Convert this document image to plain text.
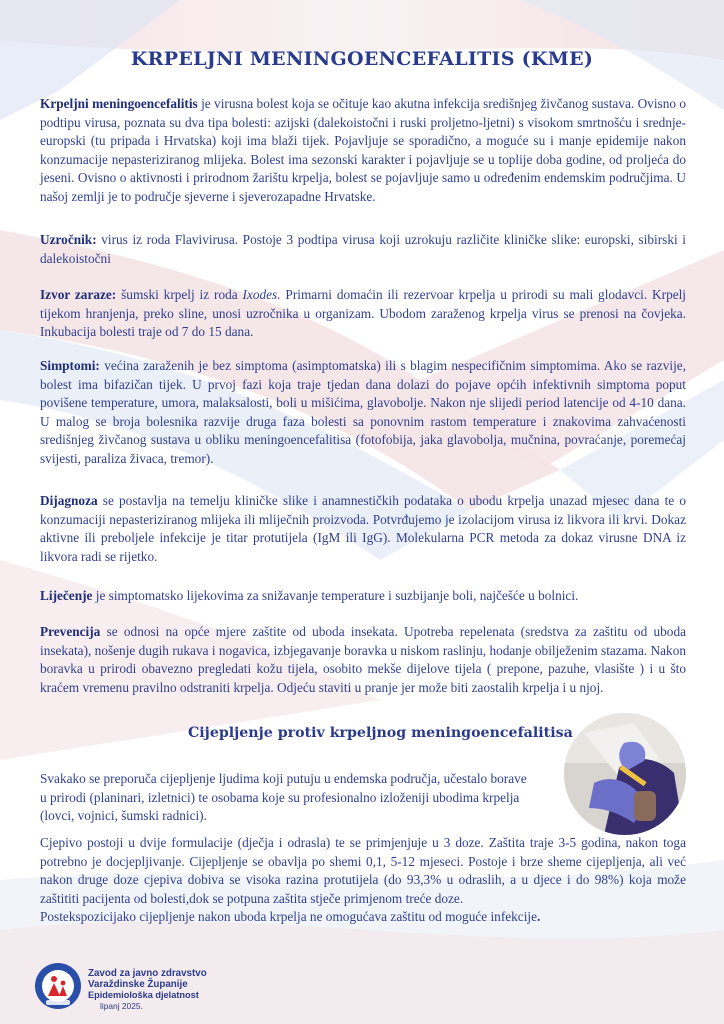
KRPELJNI MENINGOENCEFALITIS (KME)
Krpeljni meningoencefalitis je virusna bolest koja se očituje kao akutna infekcija središnjeg živčanog sustava. Ovisno o podtipu virusa, poznata su dva tipa bolesti: azijski (dalekoistočni i ruski proljetno-ljetni) s visokom smrtnošću i srednje-europski (tu pripada i Hrvatska) koji ima blaži tijek. Pojavljuje se sporadično, a moguće su i manje epidemije nakon konzumacije nepasteriziranog mlijeka. Bolest ima sezonski karakter i pojavljuje se u toplije doba godine, od proljeća do jeseni. Ovisno o aktivnosti i prirodnom žarištu krpelja, bolest se pojavljuje samo u određenim endemskim područjima. U našoj zemlji je to područje sjeverne i sjeverozapadne Hrvatske.
Uzročnik: virus iz roda Flavivirusa. Postoje 3 podtipa virusa koji uzrokuju različite kliničke slike: europski, sibirski i dalekoistočni
Izvor zaraze: šumski krpelj iz roda Ixodes. Primarni domaćin ili rezervoar krpelja u prirodi su mali glodavci. Krpelj tijekom hranjenja, preko sline, unosi uzročnika u organizam. Ubodom zaraženog krpelja virus se prenosi na čovjeka. Inkubacija bolesti traje od 7 do 15 dana.
Simptomi: većina zaraženih je bez simptoma (asimptomatska) ili s blagim nespecifičnim simptomima. Ako se razvije, bolest ima bifazičan tijek. U prvoj fazi koja traje tjedan dana dolazi do pojave općih infektivnih simptoma poput povišene temperature, umora, malaksalosti, boli u mišićima, glavobolje. Nakon nje slijedi period latencije od 4-10 dana. U malog se broja bolesnika razvije druga faza bolesti sa ponovnim rastom temperature i znakovima zahvaćenosti središnjeg živčanog sustava u obliku meningoencefalitisa (fotofobija, jaka glavobolja, mučnina, povraćanje, poremećaj svijesti, paraliza živaca, tremor).
Dijagnoza se postavlja na temelju kliničke slike i anamnestičkih podataka o ubodu krpelja unazad mjesec dana te o konzumaciji nepasteriziranog mlijeka ili mliječnih proizvoda. Potvrđujemo je izolacijom virusa iz likvora ili krvi. Dokaz aktivne ili preboljele infekcije je titar protutijela (IgM ili IgG). Molekularna PCR metoda za dokaz virusne DNA iz likvora radi se rijetko.
Liječenje je simptomatsko lijekovima za snižavanje temperature i suzbijanje boli, najčešće u bolnici.
Prevencija se odnosi na opće mjere zaštite od uboda insekata. Upotreba repelenata (sredstva za zaštitu od uboda insekata), nošenje dugih rukava i nogavica, izbjegavanje boravka u niskom raslinju, hodanje obilježenim stazama. Nakon boravka u prirodi obavezno pregledati kožu tijela, osobito mekše dijelove tijela ( prepone, pazuhe, vlasište ) i u što kraćem vremenu pravilno odstraniti krpelja. Odjeću staviti u pranje jer može biti zaostalih krpelja i u njoj.
Cijepljenje protiv krpeljnog meningoencefalitisa
Svakako se preporuča cijepljenje ljudima koji putuju u endemska područja, učestalo borave
u prirodi (planinari, izletnici) te osobama koje su profesionalno izloženiji ubodima krpelja
(lovci, vojnici, šumski radnici).
Cjepivo postoji u dvije formulacije (dječja i odrasla) te se primjenjuje u 3 doze. Zaštita traje 3-5 godina, nakon toga potrebno je docjepljivanje. Cijepljenje se obavlja po shemi 0,1, 5-12 mjeseci. Postoje i brze sheme cijepljenja, ali već nakon druge doze cjepiva dobiva se visoka razina protutijela (do 93,3% u odraslih, a u djece i do 98%) koja može zaštititi pacijenta od bolesti,dok se potpuna zaštita stječe primjenom treće doze.
Postekspozicijako cijepljenje nakon uboda krpelja ne omogućava zaštitu od moguće infekcije.
Zavod za javno zdravstvo
Varaždinske Županije
Epidemiološka djelatnost
lipanj 2025.
